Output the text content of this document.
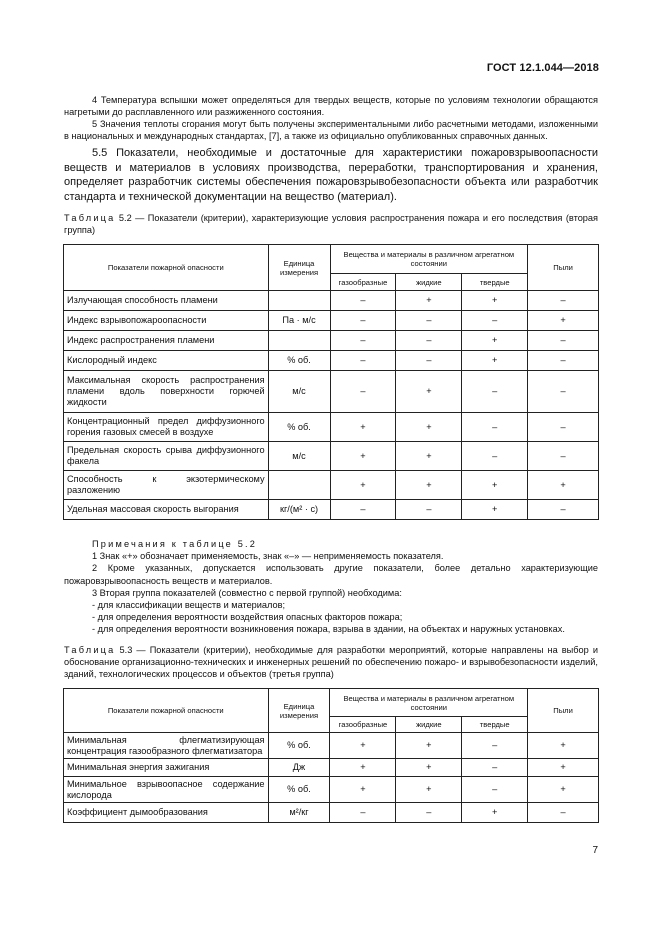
ГОСТ 12.1.044—2018
4 Температура вспышки может определяться для твердых веществ, которые по условиям технологии обращаются нагретыми до расплавленного или разжиженного состояния.
5 Значения теплоты сгорания могут быть получены экспериментальными либо расчетными методами, изложенными в национальных и международных стандартах, [7], а также из официально опубликованных справочных данных.
5.5 Показатели, необходимые и достаточные для характеристики пожаровзрывоопасности веществ и материалов в условиях производства, переработки, транспортирования и хранения, определяет разработчик системы обеспечения пожаровзрывобезопасности объекта или разработчик стандарта и технической документации на вещество (материал).
Таблица 5.2 — Показатели (критерии), характеризующие условия распространения пожара и его последствия (вторая группа)
Показатели пожарной опасности	Единица измерения	Вещества и материалы в различном агрегатном состоянии			Пыли
		газообразные	жидкие	твердые	
Излучающая способность пламени		–	+	+	–
Индекс взрывопожароопасности	Па · м/с	–	–	–	+
Индекс распространения пламени		–	–	+	–
Кислородный индекс	% об.	–	–	+	–
Максимальная скорость распространения пламени вдоль поверхности горючей жидкости	м/с	–	+	–	–
Концентрационный предел диффузионного горения газовых смесей в воздухе	% об.	+	+	–	–
Предельная скорость срыва диффузионного факела	м/с	+	+	–	–
Способность к экзотермическому разложению		+	+	+	+
Удельная массовая скорость выгорания	кг/(м² · с)	–	–	+	–
Примечания к таблице 5.2
1 Знак «+» обозначает применяемость, знак «–» — неприменяемость показателя.
2 Кроме указанных, допускается использовать другие показатели, более детально характеризующие пожаровзрывоопасность веществ и материалов.
3 Вторая группа показателей (совместно с первой группой) необходима:
- для классификации веществ и материалов;
- для определения вероятности воздействия опасных факторов пожара;
- для определения вероятности возникновения пожара, взрыва в здании, на объектах и наружных установках.
Таблица 5.3 — Показатели (критерии), необходимые для разработки мероприятий, которые направлены на выбор и обоснование организационно-технических и инженерных решений по обеспечению пожаро- и взрывобезопасности изделий, зданий, технологических процессов и объектов (третья группа)
Показатели пожарной опасности	Единица измерения	Вещества и материалы в различном агрегатном состоянии			Пыли
		газообразные	жидкие	твердые	
Минимальная флегматизирующая концентрация газообразного флегматизатора	% об.	+	+	–	+
Минимальная энергия зажигания	Дж	+	+	–	+
Минимальное взрывоопасное содержание кислорода	% об.	+	+	–	+
Коэффициент дымообразования	м²/кг	–	–	+	–
7
